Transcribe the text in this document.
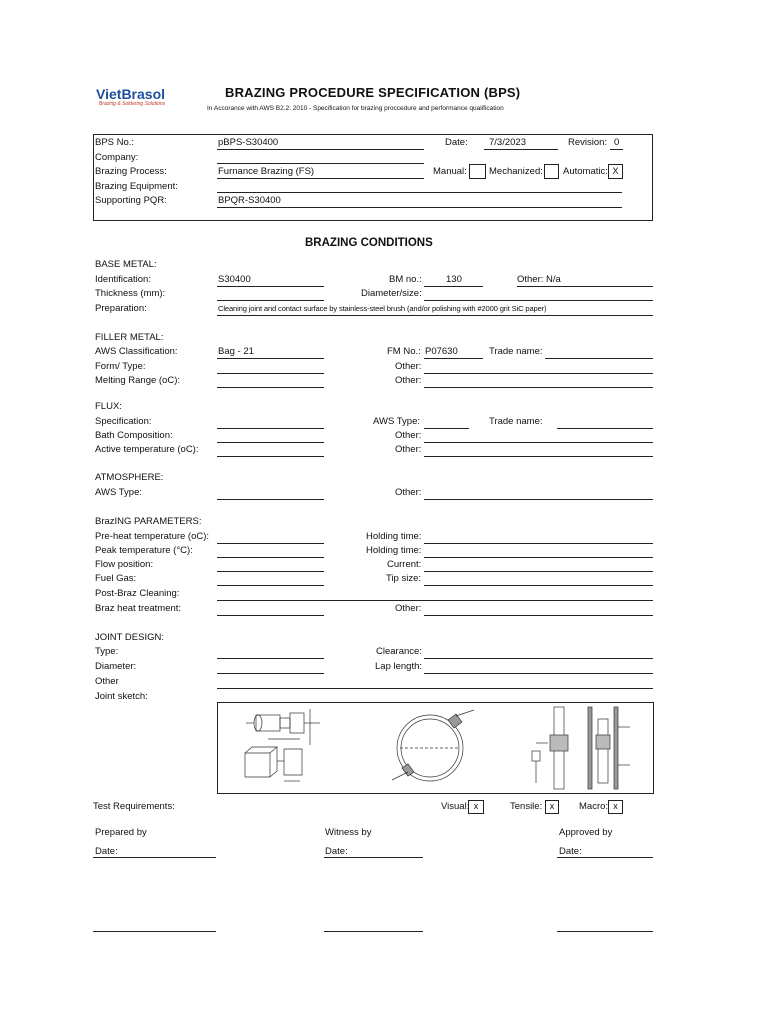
VietBrasol
Brazing & Soldering Solutions
BRAZING PROCEDURE SPECIFICATION (BPS)
In Accorance with AWS B2.2: 2010 - Specification for brazing proccedure and performance qualification
BPS No.:	pBPS-S30400	Date: 7/3/2023	Revision: 0
Company:
Brazing Process:	Furnance Brazing (FS)	Manual: Mechanized: Automatic: X
Brazing Equipment:
Supporting PQR:	BPQR-S30400
BRAZING CONDITIONS
BASE METAL:
Identification:	S30400	BM no.:	130	Other: N/a
Thickness (mm):	Diameter/size:
Preparation:	Cleaning joint and contact surface by stainless-steel brush (and/or polishing with #2000 grit SiC paper)
FILLER METAL:
AWS Classification:	Bag - 21	FM No.: P07630	Trade name:
Form/ Type:	Other:
Melting Range (oC):	Other:
FLUX:
Specification:	AWS Type:	Trade name:
Bath Composition:	Other:
Active temperature (oC):	Other:
ATMOSPHERE:
AWS Type:	Other:
BrazING PARAMETERS:
Pre-heat temperature (oC):	Holding time:
Peak temperature (°C):	Holding time:
Flow position:	Current:
Fuel Gas:	Tip size:
Post-Braz Cleaning:
Braz heat treatment:	Other:
JOINT DESIGN:
Type:	Clearance:
Diameter:	Lap length:
Other
Joint sketch:
Test Requirements:	Visual: x	Tensile: x	Macro: x
Prepared by	Witness by	Approved by
Date:	Date:	Date:
